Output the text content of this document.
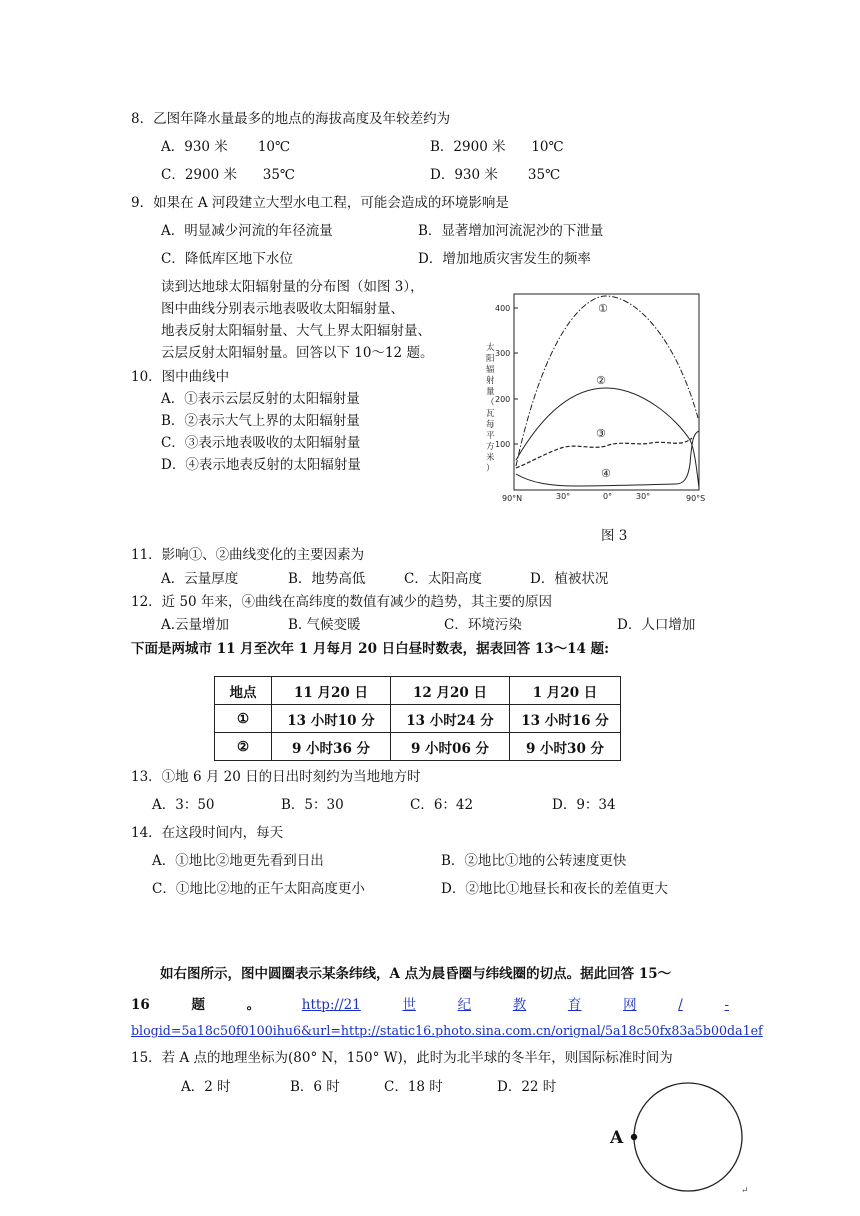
8．乙图年降水量最多的地点的海拔高度及年较差约为
A．930 米       10℃	B．2900 米      10℃
C．2900 米      35℃	D．930 米       35℃
9．如果在 A 河段建立大型水电工程，可能会造成的环境影响是
A．明显减少河流的年径流量	B．显著增加河流泥沙的下泄量
C．降低库区地下水位	D．增加地质灾害发生的频率
读到达地球太阳辐射量的分布图（如图 3），
图中曲线分别表示地表吸收太阳辐射量、
地表反射太阳辐射量、大气上界太阳辐射量、
云层反射太阳辐射量。回答以下 10～12 题。
10．图中曲线中
A．①表示云层反射的太阳辐射量
B．②表示大气上界的太阳辐射量
C．③表示地表吸收的太阳辐射量
D．④表示地表反射的太阳辐射量
太
阳
辐
射
量
（
瓦
每
平
方
米
）
400
300
200
100
90°N	30°	0°	30°	90°S
①
②
③
④
图 3
11．影响①、②曲线变化的主要因素为
A．云量厚度	B．地势高低	C．太阳高度	D．植被状况
12．近 50 年来，④曲线在高纬度的数值有减少的趋势，其主要的原因
A.云量增加	B. 气候变暖	C．环境污染	D．人口增加
下面是两城市 11 月至次年 1 月每月 20 日白昼时数表，据表回答 13～14 题:
地点	11 月20 日	12 月20 日	1 月20 日
①	13 小时10 分	13 小时24 分	13 小时16 分
②	9 小时36 分	9 小时06 分	9 小时30 分
13．①地 6 月 20 日的日出时刻约为当地地方时
A．3：50	B．5：30	C．6：42	D．9：34
14．在这段时间内，每天
A．①地比②地更先看到日出	B．②地比①地的公转速度更快
C．①地比②地的正午太阳高度更小	D．②地比①地昼长和夜长的差值更大
如右图所示，图中圆圈表示某条纬线，A 点为晨昏圈与纬线圈的切点。据此回答 15～
16	题	。	http://21	世	纪	教	育	网	/	-
blogid=5a18c50f0100ihu6&url=http://static16.photo.sina.com.cn/orignal/5a18c50fx83a5b00da1ef
15．若 A 点的地理坐标为(80° N，150° W)，此时为北半球的冬半年，则国际标准时间为
A．2 时	B．6 时	C．18 时	D．22 时
A
↵
